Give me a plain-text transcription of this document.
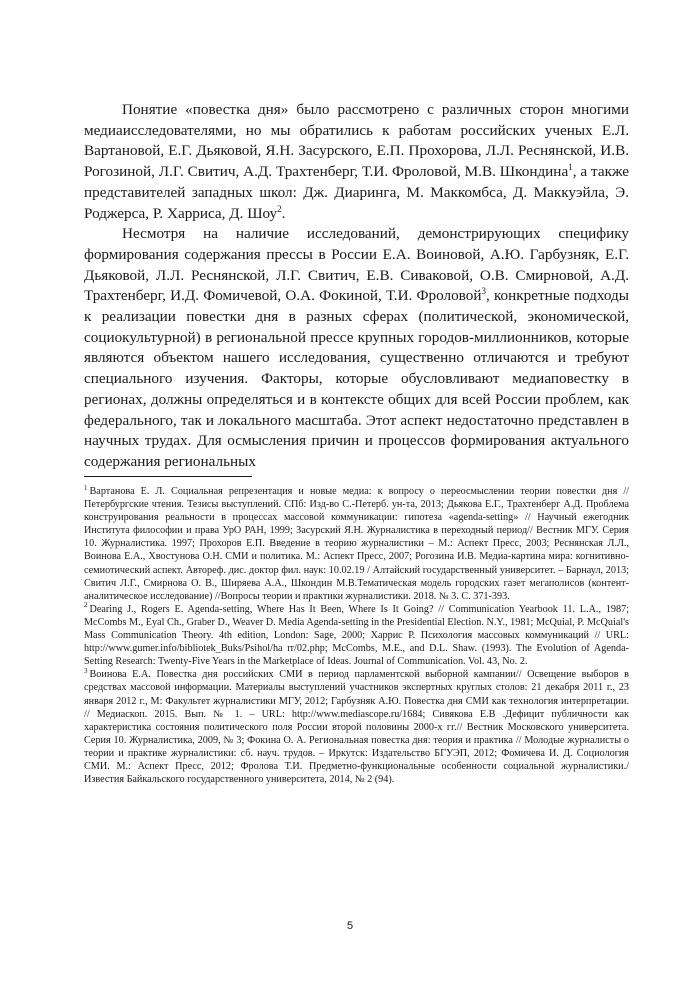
Понятие «повестка дня» было рассмотрено с различных сторон многими медиаисследователями, но мы обратились к работам российских ученых Е.Л. Вартановой, Е.Г. Дьяковой, Я.Н. Засурского, Е.П. Прохорова, Л.Л. Реснянской, И.В. Рогозиной, Л.Г. Свитич, А.Д. Трахтенберг, Т.И. Фроловой, М.В. Шкондина$^1$, а также представителей западных школ: Дж. Диаринга, М. Маккомбса, Д. Маккуэйла, Э. Роджерса, Р. Харриса, Д. Шоу$^2$.

Несмотря на наличие исследований, демонстрирующих специфику формирования содержания прессы в России Е.А. Воиновой, А.Ю. Гарбузняк, Е.Г. Дьяковой, Л.Л. Реснянской, Л.Г. Свитич, Е.В. Сиваковой, О.В. Смирновой, А.Д. Трахтенберг, И.Д. Фомичевой, О.А. Фокиной, Т.И. Фроловой$^3$, конкретные подходы к реализации повестки дня в разных сферах (политической, экономической, социокультурной) в региональной прессе крупных городов-миллионников, которые являются объектом нашего исследования, существенно отличаются и требуют специального изучения. Факторы, которые обусловливают медиаповестку в регионах, должны определяться и в контексте общих для всей России проблем, как федерального, так и локального масштаба. Этот аспект недостаточно представлен в научных трудах. Для осмысления причин и процессов формирования актуального содержания региональных

$^1$ Вартанова Е. Л. Социальная репрезентация и новые медиа: к вопросу о переосмыслении теории повестки дня // Петербургские чтения. Тезисы выступлений. СПб: Изд-во С.-Петерб. ун-та, 2013; Дьякова Е.Г., Трахтенберг А.Д. Проблема конструирования реальности в процессах массовой коммуникации: гипотеза «agenda-setting» // Научный ежегодник Института философии и права УрО РАН, 1999; Засурский Я.Н. Журналистика в переходный период// Вестник МГУ. Серия 10. Журналистика. 1997; Прохоров Е.П. Введение в теорию журналистики – М.: Аспект Пресс, 2003; Реснянская Л.Л., Воинова Е.А., Хвостунова О.Н. СМИ и политика. М.: Аспект Пресс, 2007; Рогозина И.В. Медиа-картина мира: когнитивно-семиотический аспект. Автореф. дис. доктор фил. наук: 10.02.19 / Алтайский государственный университет. – Барнаул, 2013; Свитич Л.Г., Смирнова О. В., Ширяева А.А., Шкондин М.В.Тематическая модель городских газет мегаполисов (контент-аналитическое исследование) //Вопросы теории и практики журналистики. 2018. № 3. С. 371-393.

$^2$ Dearing J., Rogers E. Agenda-setting, Where Has It Been, Where Is It Going? // Communication Yearbook 11. L.A., 1987; McCombs M., Eyal Ch., Graber D., Weaver D. Media Agenda-setting in the Presidential Election. N.Y., 1981; McQuial, P. McQuial's Mass Communication Theory. 4th edition, London: Sage, 2000; Харрис Р. Психология массовых коммуникаций // URL: http://www.gumer.info/bibliotek_Buks/Psihol/ha rr/02.php; McCombs, M.E., and D.L. Shaw. (1993). The Evolution of Agenda-Setting Research: Twenty-Five Years in the Marketplace of Ideas. Journal of Communication. Vol. 43, No. 2.

$^3$ Воинова Е.А. Повестка дня российских СМИ в период парламентской выборной кампании// Освещение выборов в средствах массовой информации. Материалы выступлений участников экспертных круглых столов: 21 декабря 2011 г., 23 января 2012 г., М: Факультет журналистики МГУ, 2012; Гарбузняк А.Ю. Повестка дня СМИ как технология интерпретации. // Медиаскоп. 2015. Вып. № 1. – URL: http://www.mediascope.ru/1684; Сивякова Е.В .Дефицит публичности как характеристика состояния политического поля России второй половины 2000-х гг.// Вестник Московского университета. Серия 10. Журналистика, 2009, № 3; Фокина О. А. Региональная повестка дня: теория и практика // Молодые журналисты о теории и практике журналистики: сб. науч. трудов. – Иркутск: Издательство БГУЭП, 2012; Фомичева И. Д. Социология СМИ. М.: Аспект Пресс, 2012; Фролова Т.И. Предметно-функциональные особенности социальной журналистики./ Известия Байкальского государственного университета, 2014, № 2 (94).

5
